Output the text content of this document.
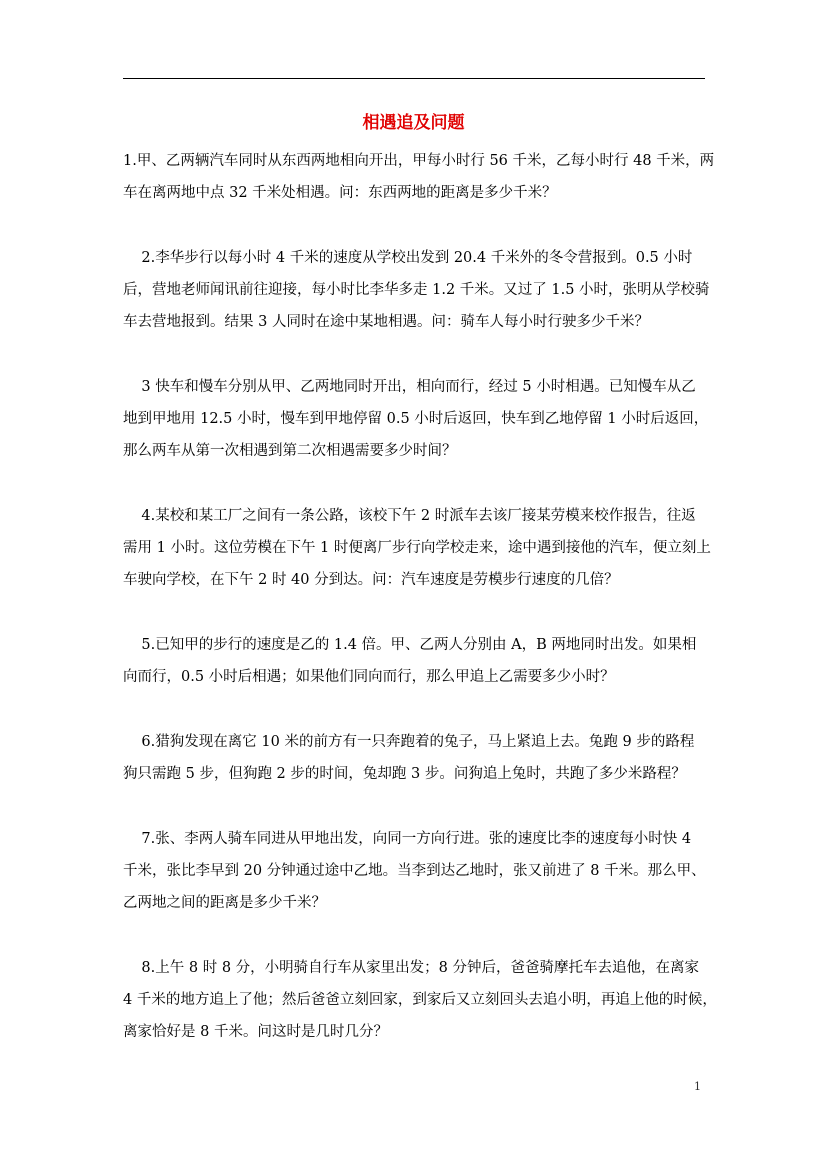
相遇追及问题
1.甲、乙两辆汽车同时从东西两地相向开出，甲每小时行 56 千米，乙每小时行 48 千米，两
车在离两地中点 32 千米处相遇。问：东西两地的距离是多少千米？
2.李华步行以每小时 4 千米的速度从学校出发到 20.4 千米外的冬令营报到。0.5 小时
后，营地老师闻讯前往迎接，每小时比李华多走 1.2 千米。又过了 1.5 小时，张明从学校骑
车去营地报到。结果 3 人同时在途中某地相遇。问：骑车人每小时行驶多少千米？
3 快车和慢车分别从甲、乙两地同时开出，相向而行，经过 5 小时相遇。已知慢车从乙
地到甲地用 12.5 小时，慢车到甲地停留 0.5 小时后返回，快车到乙地停留 1 小时后返回，
那么两车从第一次相遇到第二次相遇需要多少时间？
4.某校和某工厂之间有一条公路，该校下午 2 时派车去该厂接某劳模来校作报告，往返
需用 1 小时。这位劳模在下午 1 时便离厂步行向学校走来，途中遇到接他的汽车，便立刻上
车驶向学校，在下午 2 时 40 分到达。问：汽车速度是劳模步行速度的几倍？
5.已知甲的步行的速度是乙的 1.4 倍。甲、乙两人分别由 A，B 两地同时出发。如果相
向而行，0.5 小时后相遇；如果他们同向而行，那么甲追上乙需要多少小时？
6.猎狗发现在离它 10 米的前方有一只奔跑着的兔子，马上紧追上去。兔跑 9 步的路程
狗只需跑 5 步，但狗跑 2 步的时间，兔却跑 3 步。问狗追上兔时，共跑了多少米路程？
7.张、李两人骑车同进从甲地出发，向同一方向行进。张的速度比李的速度每小时快 4
千米，张比李早到 20 分钟通过途中乙地。当李到达乙地时，张又前进了 8 千米。那么甲、
乙两地之间的距离是多少千米？
8.上午 8 时 8 分，小明骑自行车从家里出发；8 分钟后，爸爸骑摩托车去追他，在离家
4 千米的地方追上了他；然后爸爸立刻回家，到家后又立刻回头去追小明，再追上他的时候，
离家恰好是 8 千米。问这时是几时几分？
1
